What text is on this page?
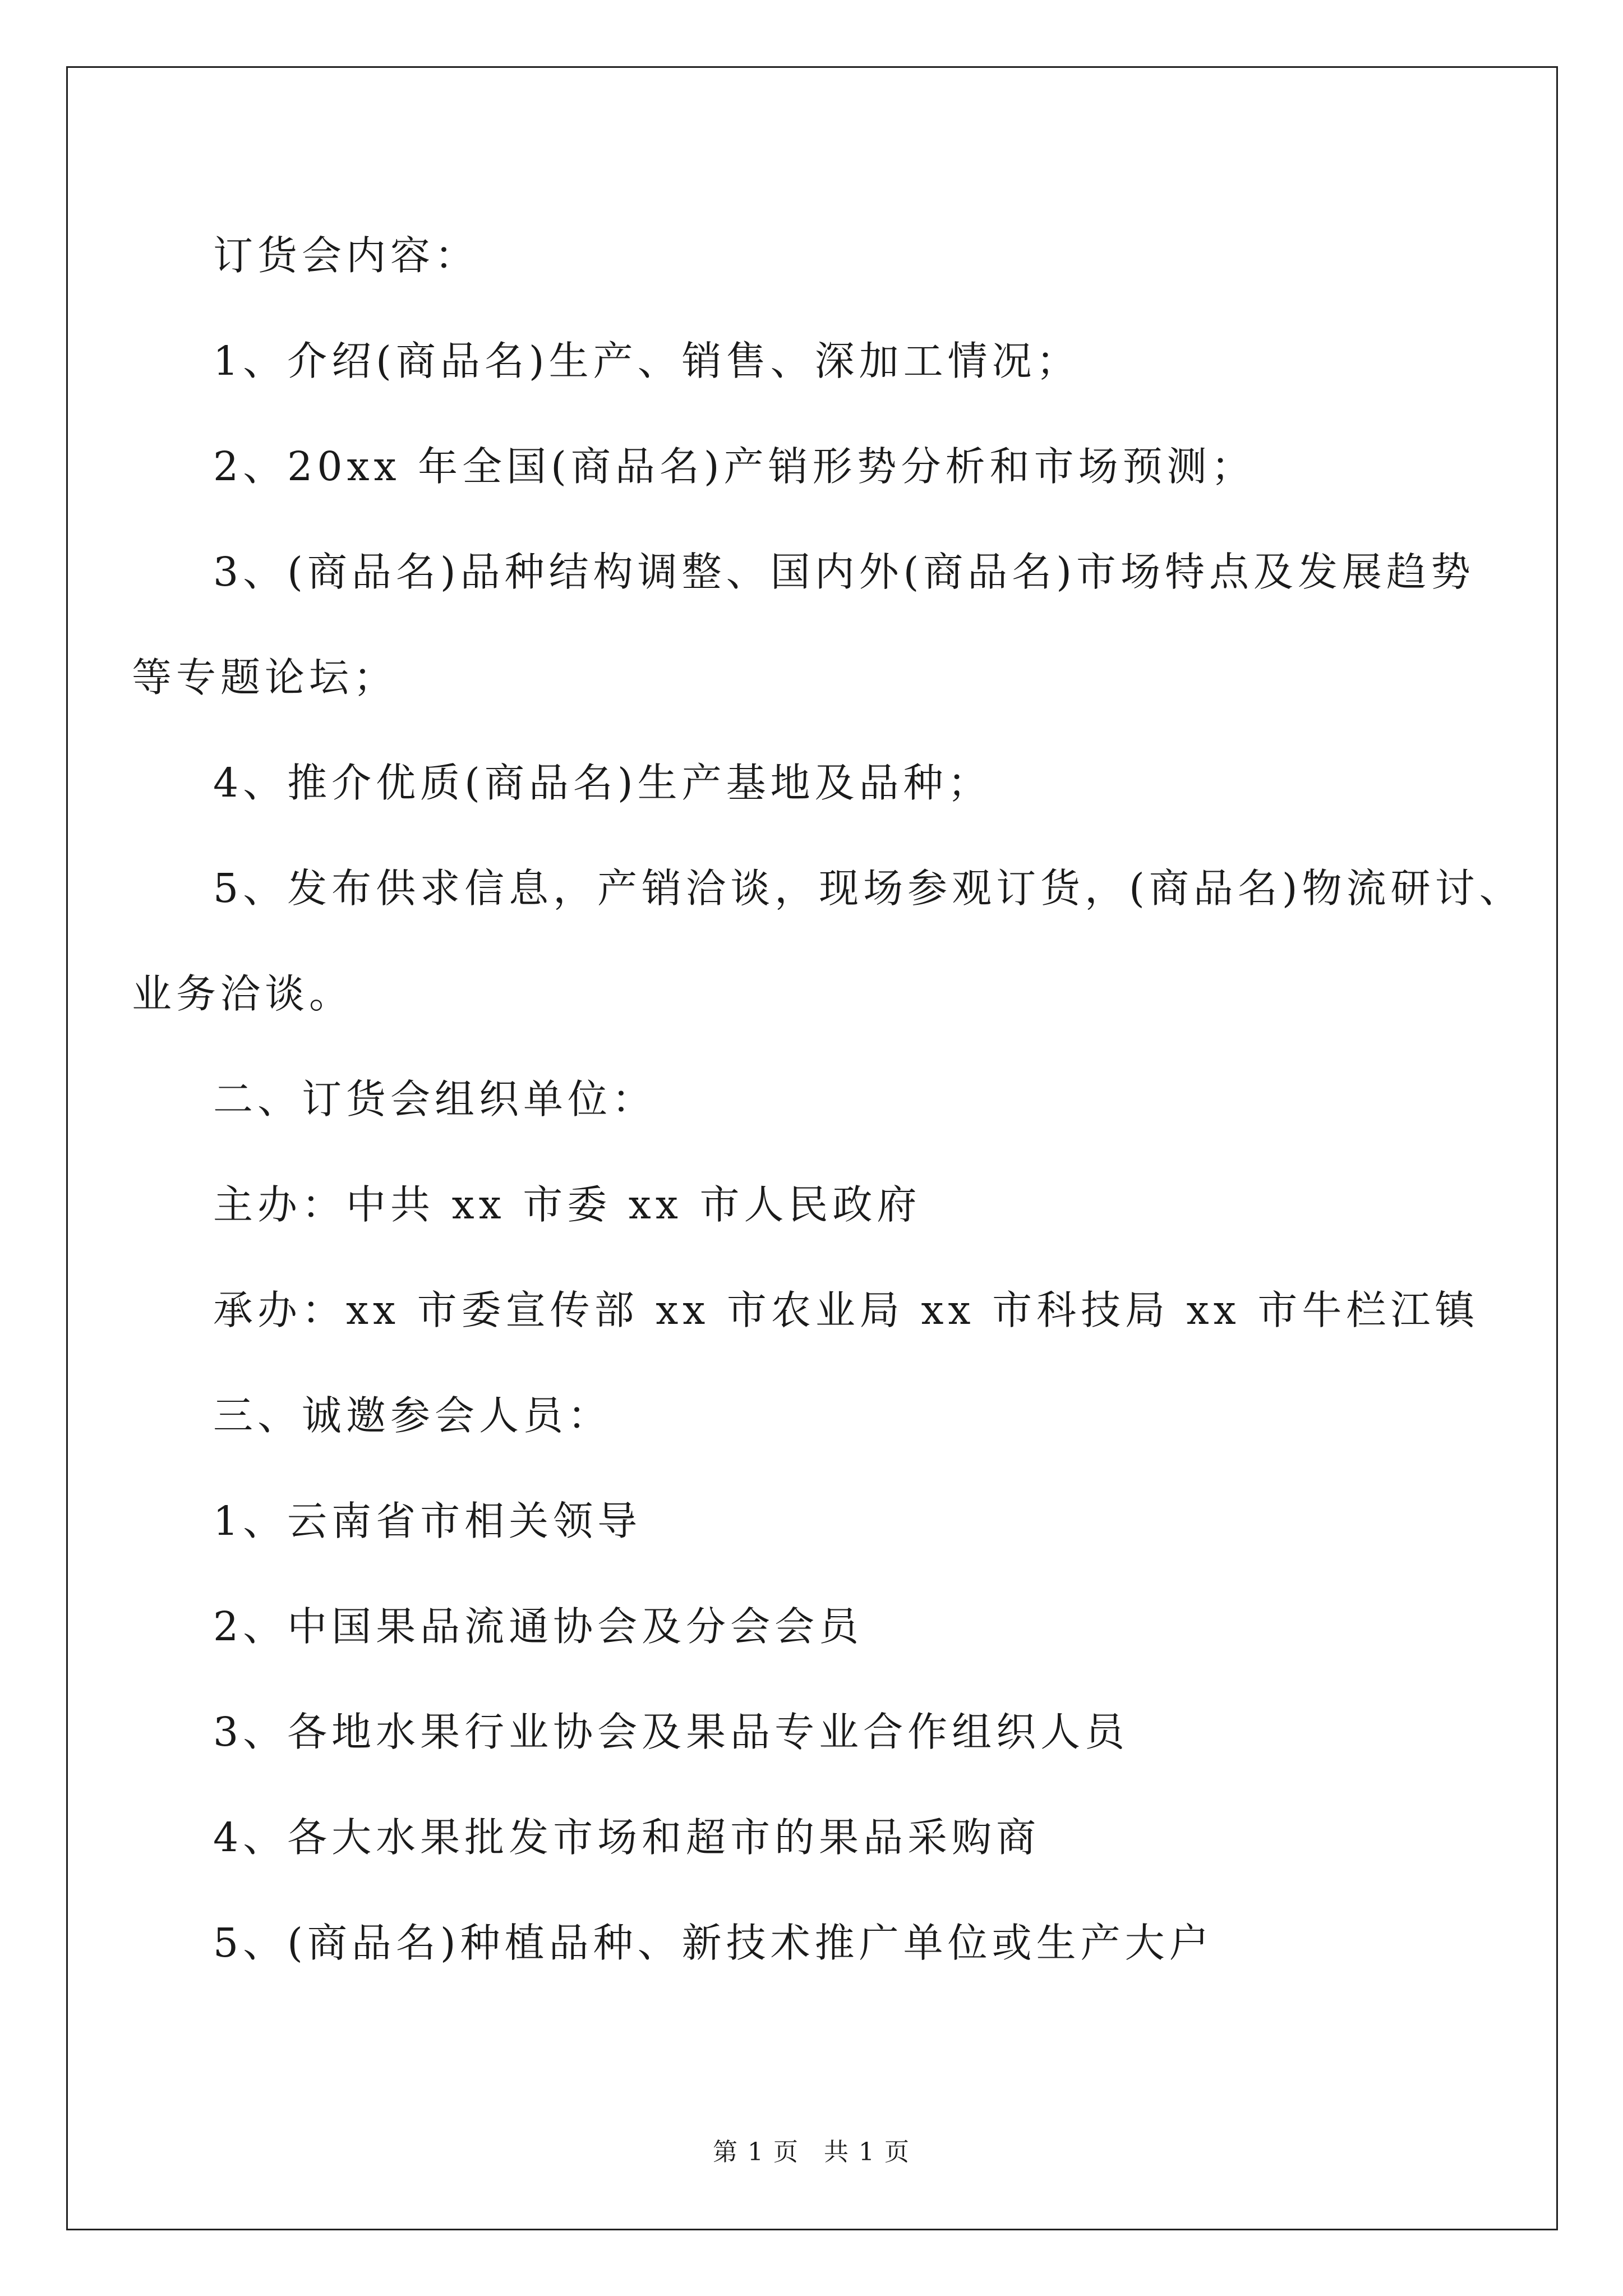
订货会内容：
1、介绍(商品名)生产、销售、深加工情况；
2、20xx 年全国(商品名)产销形势分析和市场预测；
3、(商品名)品种结构调整、国内外(商品名)市场特点及发展趋势
等专题论坛；
4、推介优质(商品名)生产基地及品种；
5、发布供求信息，产销洽谈，现场参观订货，(商品名)物流研讨、
业务洽谈。
二、订货会组织单位：
主办：中共 xx 市委 xx 市人民政府
承办：xx 市委宣传部 xx 市农业局 xx 市科技局 xx 市牛栏江镇
三、诚邀参会人员：
1、云南省市相关领导
2、中国果品流通协会及分会会员
3、各地水果行业协会及果品专业合作组织人员
4、各大水果批发市场和超市的果品采购商
5、(商品名)种植品种、新技术推广单位或生产大户
第 1 页 共 1 页
